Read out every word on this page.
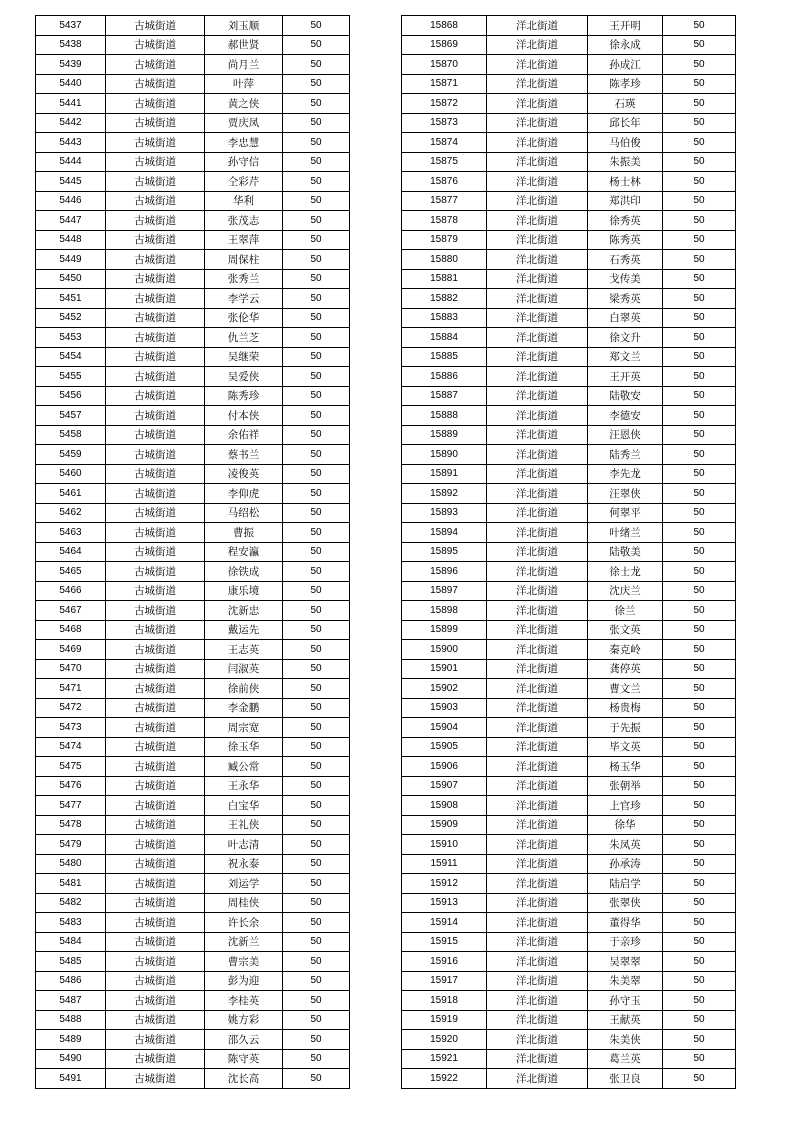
5437	古城街道	刘玉顺	50
5438	古城街道	郝世贤	50
5439	古城街道	尚月兰	50
5440	古城街道	叶萍	50
5441	古城街道	黄之侠	50
5442	古城街道	贾庆凤	50
5443	古城街道	李忠慧	50
5444	古城街道	孙守信	50
5445	古城街道	仝彩芹	50
5446	古城街道	华利	50
5447	古城街道	张茂志	50
5448	古城街道	王翠萍	50
5449	古城街道	周保柱	50
5450	古城街道	张秀兰	50
5451	古城街道	李学云	50
5452	古城街道	张伦华	50
5453	古城街道	仇兰芝	50
5454	古城街道	吴继荣	50
5455	古城街道	吴爱侠	50
5456	古城街道	陈秀珍	50
5457	古城街道	付本侠	50
5458	古城街道	余佑祥	50
5459	古城街道	蔡书兰	50
5460	古城街道	凌俊英	50
5461	古城街道	李仰虎	50
5462	古城街道	马绍松	50
5463	古城街道	曹振	50
5464	古城街道	程安瀛	50
5465	古城街道	徐铁成	50
5466	古城街道	康乐境	50
5467	古城街道	沈新忠	50
5468	古城街道	戴运先	50
5469	古城街道	王志英	50
5470	古城街道	闫淑英	50
5471	古城街道	徐前侠	50
5472	古城街道	李金鹏	50
5473	古城街道	周宗宽	50
5474	古城街道	徐玉华	50
5475	古城街道	臧公常	50
5476	古城街道	王永华	50
5477	古城街道	白宝华	50
5478	古城街道	王礼侠	50
5479	古城街道	叶志清	50
5480	古城街道	祝永泰	50
5481	古城街道	刘运学	50
5482	古城街道	周桂侠	50
5483	古城街道	许长余	50
5484	古城街道	沈新兰	50
5485	古城街道	曹宗美	50
5486	古城街道	彭为迎	50
5487	古城街道	李桂英	50
5488	古城街道	姚方彩	50
5489	古城街道	邵久云	50
5490	古城街道	陈守英	50
5491	古城街道	沈长高	50
15868	洋北街道	王开明	50
15869	洋北街道	徐永成	50
15870	洋北街道	孙成江	50
15871	洋北街道	陈孝珍	50
15872	洋北街道	石瑛	50
15873	洋北街道	邱长年	50
15874	洋北街道	马伯俊	50
15875	洋北街道	朱振美	50
15876	洋北街道	杨士林	50
15877	洋北街道	郑洪印	50
15878	洋北街道	徐秀英	50
15879	洋北街道	陈秀英	50
15880	洋北街道	石秀英	50
15881	洋北街道	戈传美	50
15882	洋北街道	梁秀英	50
15883	洋北街道	白翠英	50
15884	洋北街道	徐文升	50
15885	洋北街道	郑文兰	50
15886	洋北街道	王开英	50
15887	洋北街道	陆敬安	50
15888	洋北街道	李德安	50
15889	洋北街道	汪恩侠	50
15890	洋北街道	陆秀兰	50
15891	洋北街道	李先龙	50
15892	洋北街道	汪翠侠	50
15893	洋北街道	何翠平	50
15894	洋北街道	叶绪兰	50
15895	洋北街道	陆敬美	50
15896	洋北街道	徐士龙	50
15897	洋北街道	沈庆兰	50
15898	洋北街道	徐兰	50
15899	洋北街道	张文英	50
15900	洋北街道	秦克岭	50
15901	洋北街道	龚停英	50
15902	洋北街道	曹文兰	50
15903	洋北街道	杨贵梅	50
15904	洋北街道	于先振	50
15905	洋北街道	毕文英	50
15906	洋北街道	杨玉华	50
15907	洋北街道	张朝举	50
15908	洋北街道	上官珍	50
15909	洋北街道	徐华	50
15910	洋北街道	朱凤英	50
15911	洋北街道	孙承涛	50
15912	洋北街道	陆启学	50
15913	洋北街道	张翠侠	50
15914	洋北街道	董得华	50
15915	洋北街道	于亲珍	50
15916	洋北街道	吴翠翠	50
15917	洋北街道	朱美翠	50
15918	洋北街道	孙守玉	50
15919	洋北街道	王献英	50
15920	洋北街道	朱美侠	50
15921	洋北街道	葛兰英	50
15922	洋北街道	张卫良	50
